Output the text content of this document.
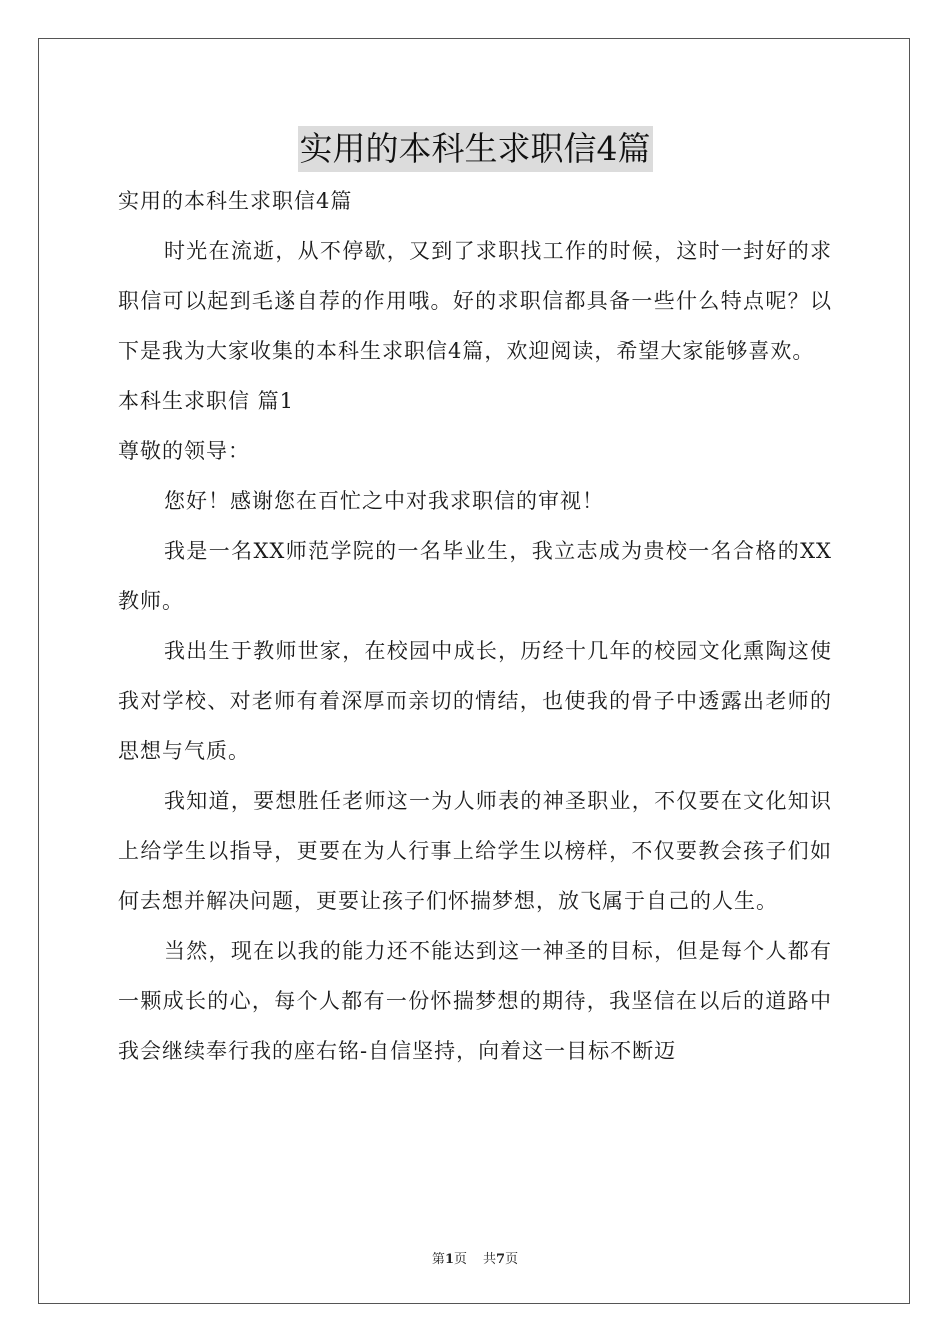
实用的本科生求职信4篇

实用的本科生求职信4篇

时光在流逝，从不停歇，又到了求职找工作的时候，这时一封好的求职信可以起到毛遂自荐的作用哦。好的求职信都具备一些什么特点呢？以下是我为大家收集的本科生求职信4篇，欢迎阅读，希望大家能够喜欢。

本科生求职信 篇1

尊敬的领导：

您好！感谢您在百忙之中对我求职信的审视！

我是一名XX师范学院的一名毕业生，我立志成为贵校一名合格的XX教师。

我出生于教师世家，在校园中成长，历经十几年的校园文化熏陶这使我对学校、对老师有着深厚而亲切的情结，也使我的骨子中透露出老师的思想与气质。

我知道，要想胜任老师这一为人师表的神圣职业，不仅要在文化知识上给学生以指导，更要在为人行事上给学生以榜样，不仅要教会孩子们如何去想并解决问题，更要让孩子们怀揣梦想，放飞属于自己的人生。

当然，现在以我的能力还不能达到这一神圣的目标，但是每个人都有一颗成长的心，每个人都有一份怀揣梦想的期待，我坚信在以后的道路中我会继续奉行我的座右铭-自信坚持，向着这一目标不断迈

第1页 共7页
